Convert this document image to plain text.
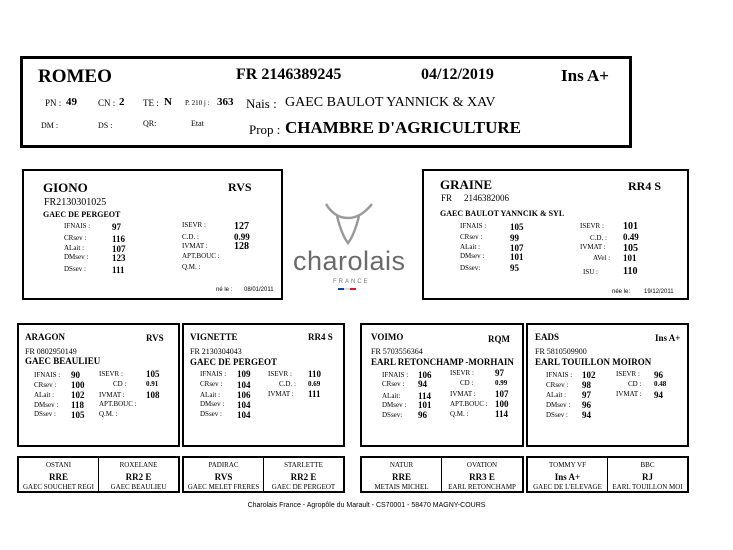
ROMEO	FR 2146389245	04/12/2019	Ins A+
PN : 49 CN : 2 TE : N P. 210 j : 363 Nais : GAEC BAULOT YANNICK & XAV
DM :	DS :	QR:	Etat	Prop : CHAMBRE D'AGRICULTURE
GIONO	RVS
FR2130301025
GAEC DE PERGEOT
IFNAIS : 97
CRsev :	116
ALait :	107
DMsev :	123
DSsev :	111
ISEVR :	127
C.D. :	0.99
IVMAT :	128
APT.BOUC :
Q.M. :
né le : 08/01/2011
charolais
FRANCE
GRAINE	RR4 S
FR 2146382006
GAEC BAULOT YANNCIK & SYL
IFNAIS :	105
CRsev :	99
ALait :	107
DMsev :	101
DSsev:	95
ISEVR : 101
C.D. : 0.49
IVMAT : 105
AVel : 101
ISU :	110
née le: 19/12/2011
ARAGON	RVS
FR 0802950149
GAEC BEAULIEU
IFNAIS : 90
CRsev : 100
ALait : 102
DMsev : 118
DSsev : 105
ISEVR :	105
CD :	0.91
IVMAT : 108
APT.BOUC :
Q.M. :
VIGNETTE	RR4 S
FR 2130304043
GAEC DE PERGEOT
IFNAIS : 109
CRsev : 104
ALait : 106
DMsev : 104
DSsev : 104
ISEVR : 110
C.D. : 0.69
IVMAT : 111
VOIMO	RQM
FR 5703556364
EARL RETONCHAMP -MORHAIN
IFNAIS : 106
CRsev : 94
ALait: 114
DMsev : 101
DSsev: 96
ISEVR : 97
CD :	0.99
IVMAT : 107
APT.BOUC : 100
Q.M. :	114
EADS	Ins A+
FR 5810509900
EARL TOUILLON MOIRON
IFNAIS : 102
CRsev : 98
ALait : 97
DMsev : 96
DSsev : 94
ISEVR : 96
CD : 0.48
IVMAT : 94
OSTANI
RRE
GAEC SOUCHET REGI
ROXELANE
RR2 E
GAEC BEAULIEU
PADIRAC
RVS
GAEC MELET FRERES
STARLETTE
RR2 E
GAEC DE PERGEOT
NATUR
RRE
METAIS MICHEL
OVATION
RR3 E
EARL RETONCHAMP
TOMMY VF
Ins A+
GAEC DE L'ELEVAGE
BBC
RJ
EARL TOUILLON MOI
Charolais France - Agropôle du Marault - CS70001 - 58470 MAGNY-COURS
